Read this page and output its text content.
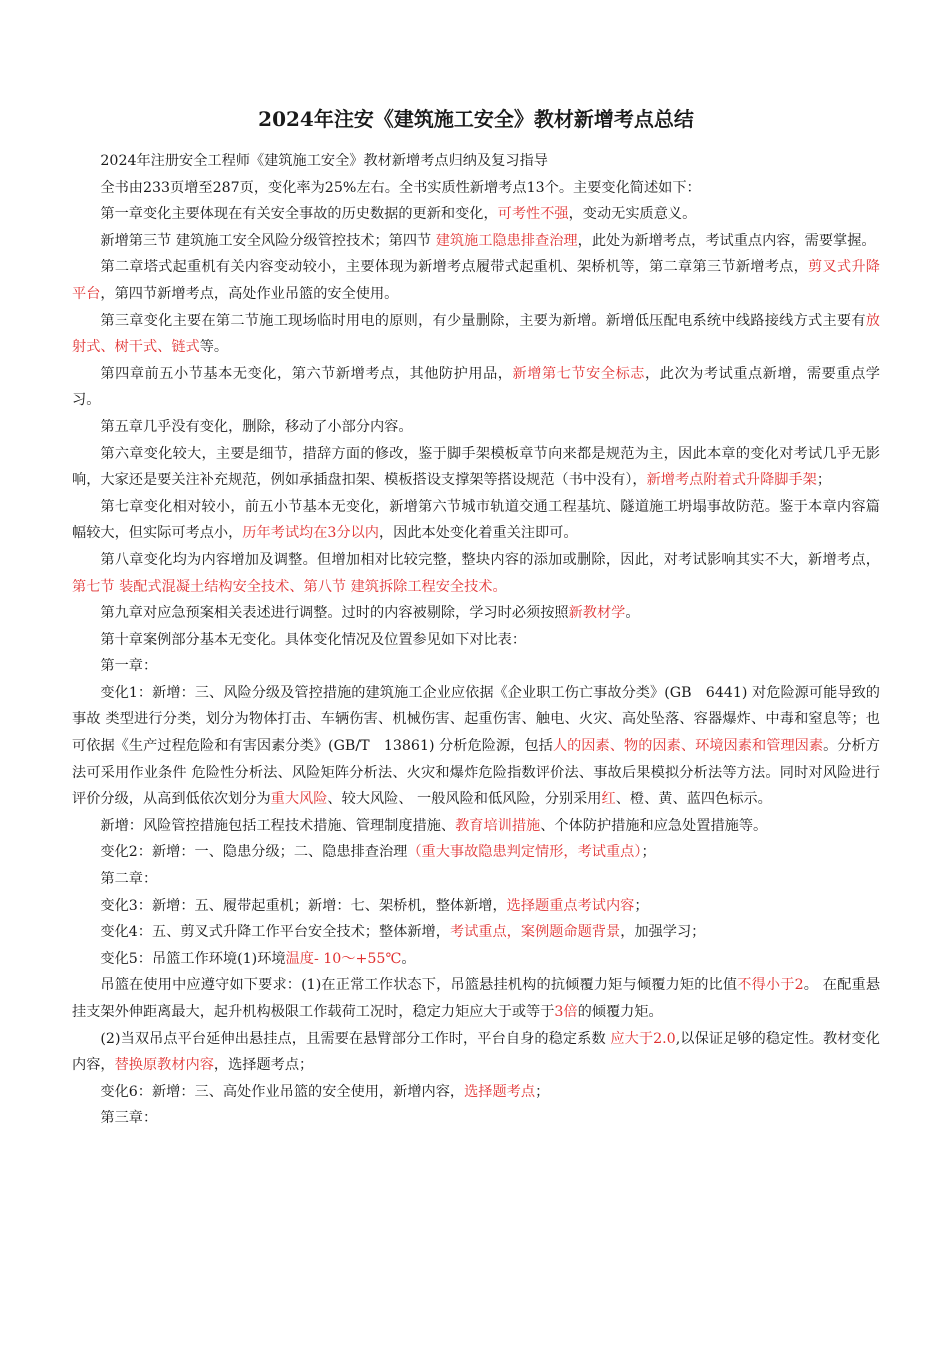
2024年注安《建筑施工安全》教材新增考点总结

2024年注册安全工程师《建筑施工安全》教材新增考点归纳及复习指导

全书由233页增至287页，变化率为25%左右。全书实质性新增考点13个。主要变化简述如下：

第一章变化主要体现在有关安全事故的历史数据的更新和变化，可考性不强，变动无实质意义。

新增第三节 建筑施工安全风险分级管控技术；第四节 建筑施工隐患排查治理，此处为新增考点，考试重点内容，需要掌握。

第二章塔式起重机有关内容变动较小，主要体现为新增考点履带式起重机、架桥机等，第二章第三节新增考点，剪叉式升降平台，第四节新增考点，高处作业吊篮的安全使用。

第三章变化主要在第二节施工现场临时用电的原则，有少量删除，主要为新增。新增低压配电系统中线路接线方式主要有放射式、树干式、链式等。

第四章前五小节基本无变化，第六节新增考点，其他防护用品，新增第七节安全标志，此次为考试重点新增，需要重点学习。

第五章几乎没有变化，删除，移动了小部分内容。

第六章变化较大，主要是细节，措辞方面的修改，鉴于脚手架模板章节向来都是规范为主，因此本章的变化对考试几乎无影响，大家还是要关注补充规范，例如承插盘扣架、模板搭设支撑架等搭设规范（书中没有），新增考点附着式升降脚手架；

第七章变化相对较小，前五小节基本无变化，新增第六节城市轨道交通工程基坑、隧道施工坍塌事故防范。鉴于本章内容篇幅较大，但实际可考点小，历年考试均在3分以内，因此本处变化着重关注即可。

第八章变化均为内容增加及调整。但增加相对比较完整，整块内容的添加或删除，因此，对考试影响其实不大，新增考点，第七节 装配式混凝土结构安全技术、第八节 建筑拆除工程安全技术。

第九章对应急预案相关表述进行调整。过时的内容被剔除，学习时必须按照新教材学。

第十章案例部分基本无变化。具体变化情况及位置参见如下对比表：

第一章：

变化1：新增：三、风险分级及管控措施的建筑施工企业应依据《企业职工伤亡事故分类》(GB　6441) 对危险源可能导致的事故 类型进行分类，划分为物体打击、车辆伤害、机械伤害、起重伤害、触电、火灾、高处坠落、容器爆炸、中毒和窒息等；也可依据《生产过程危险和有害因素分类》(GB/T　13861) 分析危险源，包括人的因素、物的因素、环境因素和管理因素。分析方法可采用作业条件 危险性分析法、风险矩阵分析法、火灾和爆炸危险指数评价法、事故后果模拟分析法等方法。同时对风险进行评价分级，从高到低依次划分为重大风险、较大风险、 一般风险和低风险，分别采用红、橙、黄、蓝四色标示。

新增：风险管控措施包括工程技术措施、管理制度措施、教育培训措施、个体防护措施和应急处置措施等。

变化2：新增：一、隐患分级；二、隐患排查治理（重大事故隐患判定情形，考试重点）；

第二章：

变化3：新增：五、履带起重机；新增：七、架桥机，整体新增，选择题重点考试内容；

变化4：五、剪叉式升降工作平台安全技术；整体新增，考试重点，案例题命题背景，加强学习；

变化5：吊篮工作环境(1)环境温度- 10～+55℃。

吊篮在使用中应遵守如下要求：(1)在正常工作状态下，吊篮悬挂机构的抗倾覆力矩与倾覆力矩的比值不得小于2。 在配重悬挂支架外伸距离最大，起升机构极限工作载荷工况时，稳定力矩应大于或等于3倍的倾覆力矩。

(2)当双吊点平台延伸出悬挂点，且需要在悬臂部分工作时，平台自身的稳定系数 应大于2.0,以保证足够的稳定性。教材变化内容，替换原教材内容，选择题考点；

变化6：新增：三、高处作业吊篮的安全使用，新增内容，选择题考点；

第三章：
